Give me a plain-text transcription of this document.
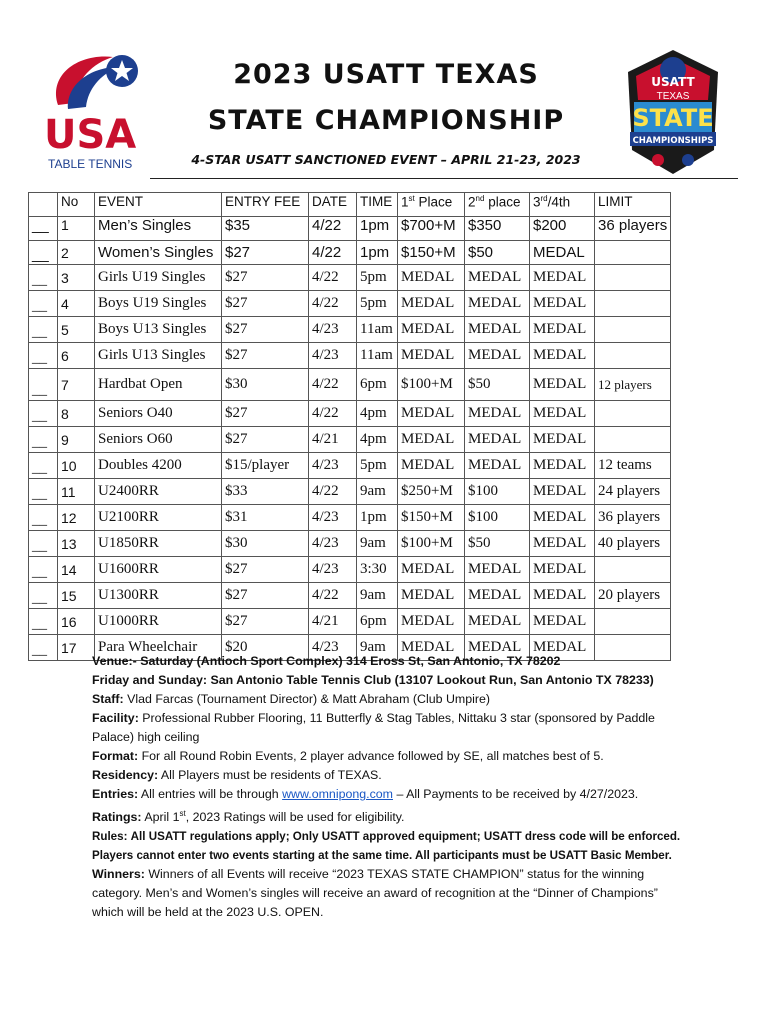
USA
TABLE TENNIS
2023 USATT TEXAS
STATE CHAMPIONSHIP
4-STAR USATT SANCTIONED EVENT – APRIL 21-23, 2023
USATT
TEXAS
STATE
CHAMPIONSHIPS
	No	EVENT	ENTRY FEE	DATE	TIME	1st Place	2nd place	3rd/4th	LIMIT
__	1	Men’s Singles	$35	4/22	1pm	$700+M	$350	$200	36 players
__	2	Women’s Singles	$27	4/22	1pm	$150+M	$50	MEDAL	
__	3	Girls U19 Singles	$27	4/22	5pm	MEDAL	MEDAL	MEDAL	
__	4	Boys U19 Singles	$27	4/22	5pm	MEDAL	MEDAL	MEDAL	
__	5	Boys U13 Singles	$27	4/23	11am	MEDAL	MEDAL	MEDAL	
__	6	Girls U13 Singles	$27	4/23	11am	MEDAL	MEDAL	MEDAL	
__	7	Hardbat Open	$30	4/22	6pm	$100+M	$50	MEDAL	12 players
__	8	Seniors O40	$27	4/22	4pm	MEDAL	MEDAL	MEDAL	
__	9	Seniors O60	$27	4/21	4pm	MEDAL	MEDAL	MEDAL	
__	10	Doubles 4200	$15/player	4/23	5pm	MEDAL	MEDAL	MEDAL	12 teams
__	11	U2400RR	$33	4/22	9am	$250+M	$100	MEDAL	24 players
__	12	U2100RR	$31	4/23	1pm	$150+M	$100	MEDAL	36 players
__	13	U1850RR	$30	4/23	9am	$100+M	$50	MEDAL	40 players
__	14	U1600RR	$27	4/23	3:30	MEDAL	MEDAL	MEDAL	
__	15	U1300RR	$27	4/22	9am	MEDAL	MEDAL	MEDAL	20 players
__	16	U1000RR	$27	4/21	6pm	MEDAL	MEDAL	MEDAL	
__	17	Para Wheelchair	$20	4/23	9am	MEDAL	MEDAL	MEDAL	

Venue:- Saturday (Antioch Sport Complex) 314 Eross St, San Antonio, TX 78202

Friday and Sunday: San Antonio Table Tennis Club (13107 Lookout Run, San Antonio TX 78233)

Staff: Vlad Farcas (Tournament Director) & Matt Abraham (Club Umpire)

Facility: Professional Rubber Flooring, 11 Butterfly & Stag Tables, Nittaku 3 star (sponsored by Paddle Palace) high ceiling

Format: For all Round Robin Events, 2 player advance followed by SE, all matches best of 5.

Residency: All Players must be residents of TEXAS.

Entries: All entries will be through www.omnipong.com – All Payments to be received by 4/27/2023.

Ratings: April 1st, 2023 Ratings will be used for eligibility.

Rules: All USATT regulations apply; Only USATT approved equipment; USATT dress code will be enforced.

Players cannot enter two events starting at the same time. All participants must be USATT Basic Member.

Winners: Winners of all Events will receive “2023 TEXAS STATE CHAMPION” status for the winning category. Men’s and Women’s singles will receive an award of recognition at the “Dinner of Champions” which will be held at the 2023 U.S. OPEN.
